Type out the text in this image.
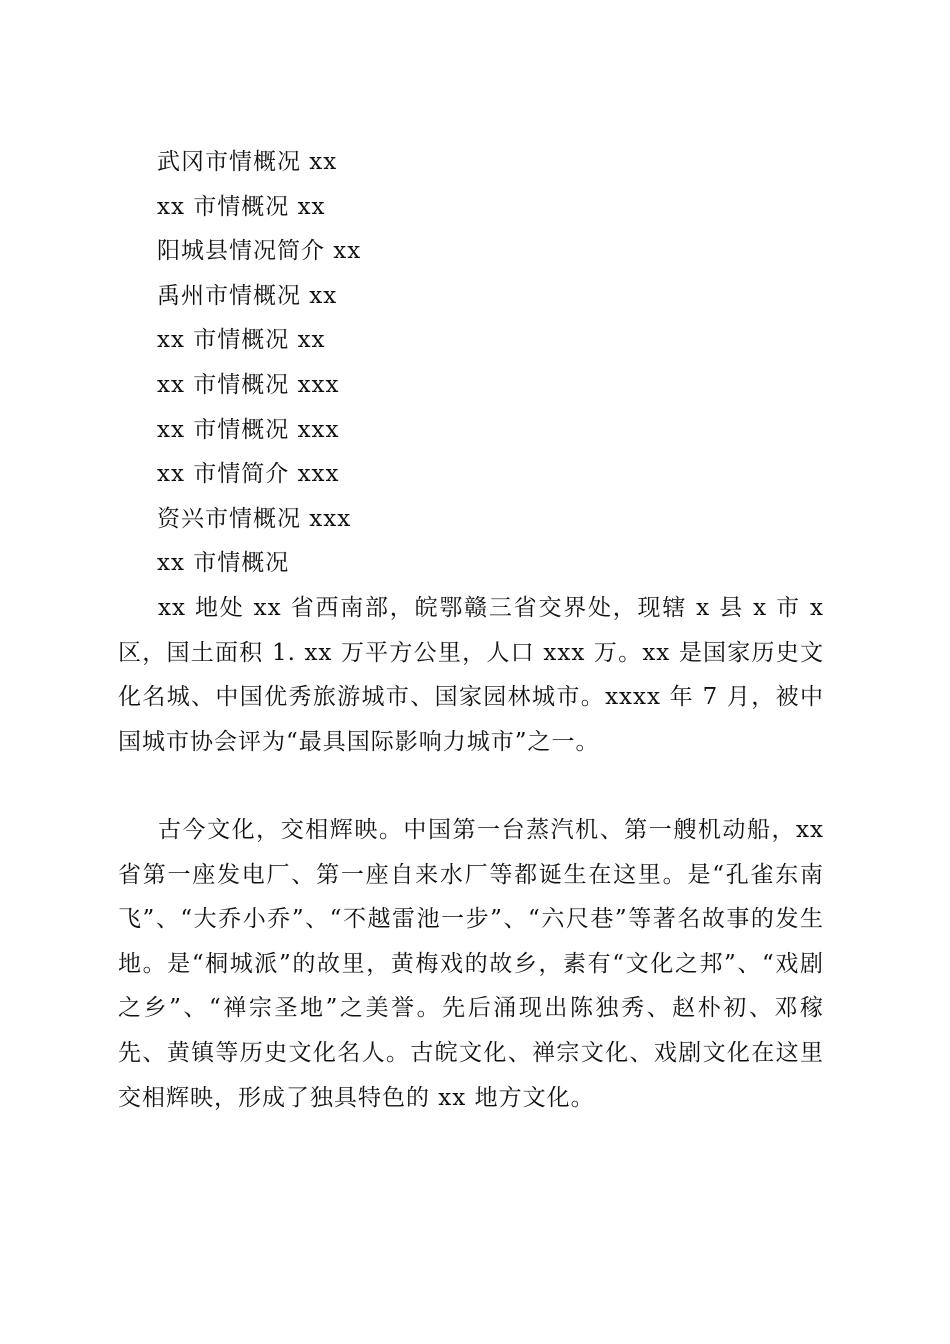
武冈市情概况 xx
xx 市情概况 xx
阳城县情况简介 xx
禹州市情概况 xx
xx 市情概况 xx
xx 市情概况 xxx
xx 市情概况 xxx
xx 市情简介 xxx
资兴市情概况 xxx
xx 市情概况

xx 地处 xx 省西南部，皖鄂赣三省交界处，现辖 x 县 x 市 x 区，国土面积 1. xx 万平方公里，人口 xxx 万。xx 是国家历史文化名城、中国优秀旅游城市、国家园林城市。xxxx 年 7 月，被中国城市协会评为“最具国际影响力城市”之一。

古今文化，交相辉映。中国第一台蒸汽机、第一艘机动船，xx 省第一座发电厂、第一座自来水厂等都诞生在这里。是“孔雀东南飞”、“大乔小乔”、“不越雷池一步”、“六尺巷”等著名故事的发生地。是“桐城派”的故里，黄梅戏的故乡，素有“文化之邦”、“戏剧之乡”、“禅宗圣地”之美誉。先后涌现出陈独秀、赵朴初、邓稼先、黄镇等历史文化名人。古皖文化、禅宗文化、戏剧文化在这里交相辉映，形成了独具特色的 xx 地方文化。
